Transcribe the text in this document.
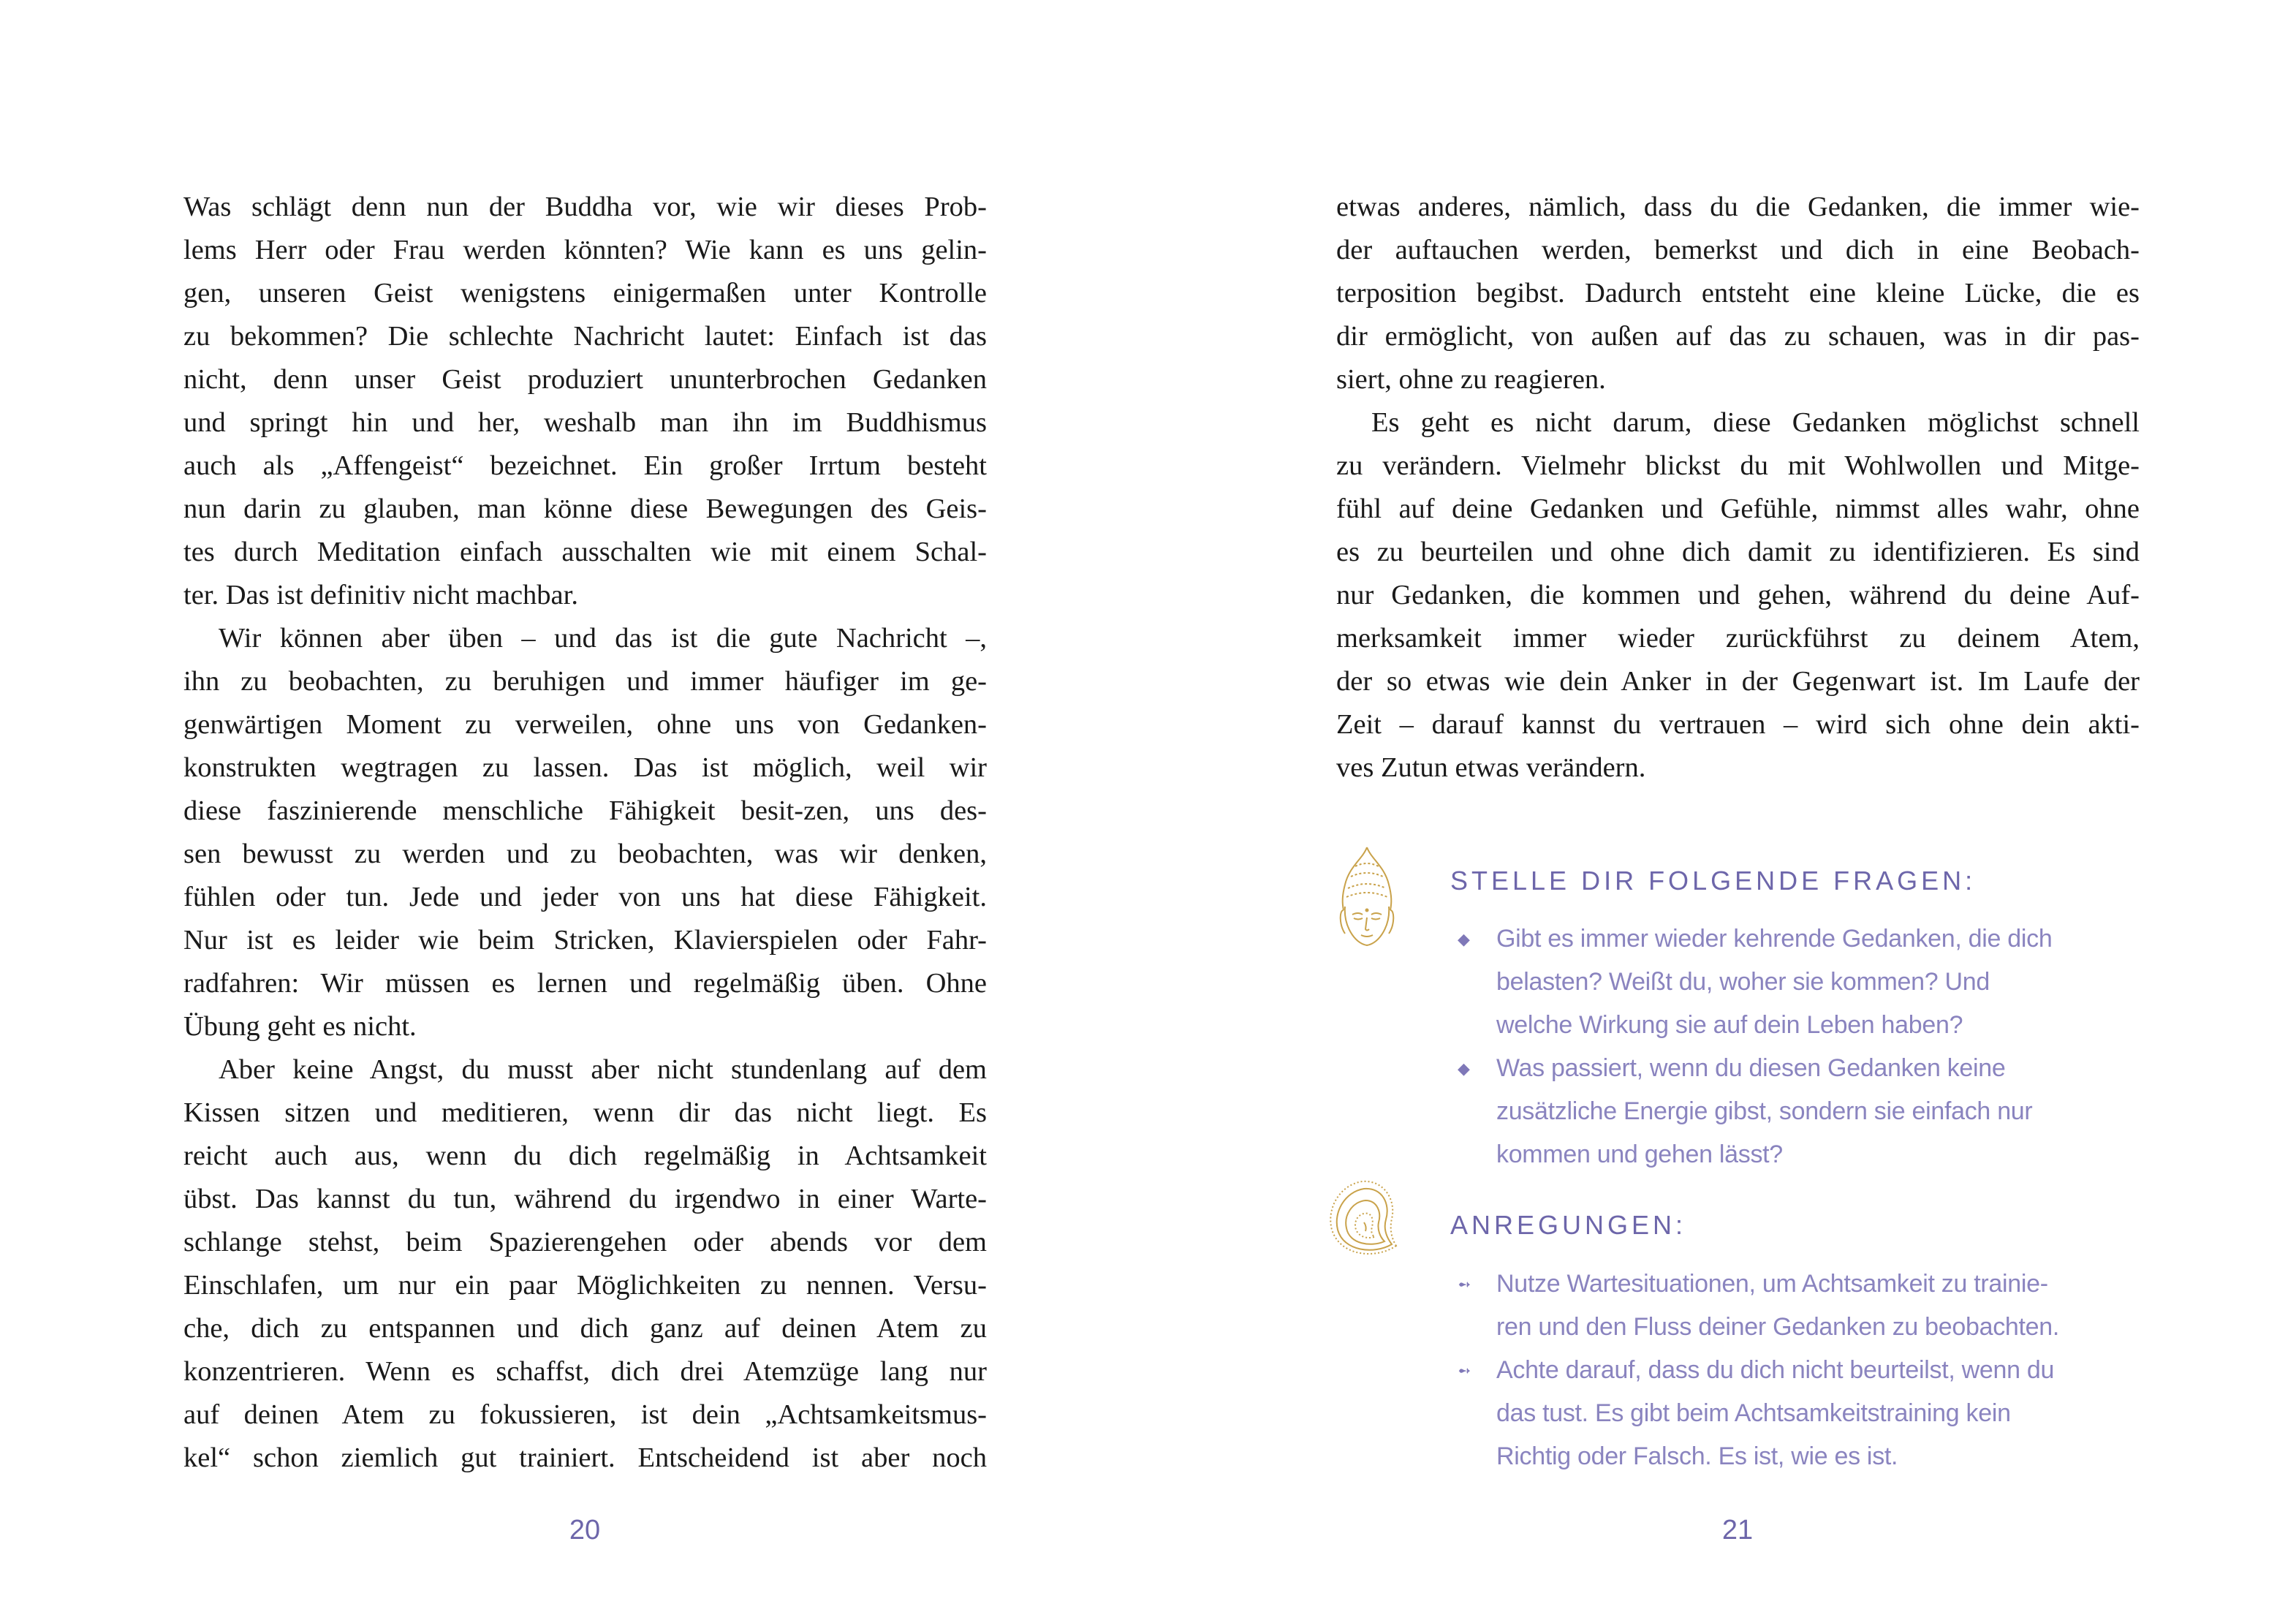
Was schlägt denn nun der Buddha vor, wie wir dieses Prob-
lems Herr oder Frau werden könnten? Wie kann es uns gelin-
gen, unseren Geist wenigstens einigermaßen unter Kontrolle
zu bekommen? Die schlechte Nachricht lautet: Einfach ist das
nicht, denn unser Geist produziert ununterbrochen Gedanken
und springt hin und her, weshalb man ihn im Buddhismus
auch als „Affengeist“ bezeichnet. Ein großer Irrtum besteht
nun darin zu glauben, man könne diese Bewegungen des Geis-
tes durch Meditation einfach ausschalten wie mit einem Schal-
ter. Das ist definitiv nicht machbar.
Wir können aber üben – und das ist die gute Nachricht –,
ihn zu beobachten, zu beruhigen und immer häufiger im ge-
genwärtigen Moment zu verweilen, ohne uns von Gedanken-
konstrukten wegtragen zu lassen. Das ist möglich, weil wir
diese faszinierende menschliche Fähigkeit besit-zen, uns des-
sen bewusst zu werden und zu beobachten, was wir denken,
fühlen oder tun. Jede und jeder von uns hat diese Fähigkeit.
Nur ist es leider wie beim Stricken, Klavierspielen oder Fahr-
radfahren: Wir müssen es lernen und regelmäßig üben. Ohne
Übung geht es nicht.
Aber keine Angst, du musst aber nicht stundenlang auf dem
Kissen sitzen und meditieren, wenn dir das nicht liegt. Es
reicht auch aus, wenn du dich regelmäßig in Achtsamkeit
übst. Das kannst du tun, während du irgendwo in einer Warte-
schlange stehst, beim Spazierengehen oder abends vor dem
Einschlafen, um nur ein paar Möglichkeiten zu nennen. Versu-
che, dich zu entspannen und dich ganz auf deinen Atem zu
konzentrieren. Wenn es schaffst, dich drei Atemzüge lang nur
auf deinen Atem zu fokussieren, ist dein „Achtsamkeitsmus-
kel“ schon ziemlich gut trainiert. Entscheidend ist aber noch
20
etwas anderes, nämlich, dass du die Gedanken, die immer wie-
der auftauchen werden, bemerkst und dich in eine Beobach-
terposition begibst. Dadurch entsteht eine kleine Lücke, die es
dir ermöglicht, von außen auf das zu schauen, was in dir pas-
siert, ohne zu reagieren.
Es geht es nicht darum, diese Gedanken möglichst schnell
zu verändern. Vielmehr blickst du mit Wohlwollen und Mitge-
fühl auf deine Gedanken und Gefühle, nimmst alles wahr, ohne
es zu beurteilen und ohne dich damit zu identifizieren. Es sind
nur Gedanken, die kommen und gehen, während du deine Auf-
merksamkeit immer wieder zurückführst zu deinem Atem,
der so etwas wie dein Anker in der Gegenwart ist. Im Laufe der
Zeit – darauf kannst du vertrauen – wird sich ohne dein akti-
ves Zutun etwas verändern.
STELLE DIR FOLGENDE FRAGEN:
◆ Gibt es immer wieder kehrende Gedanken, die dich
belasten? Weißt du, woher sie kommen? Und
welche Wirkung sie auf dein Leben haben?
◆ Was passiert, wenn du diesen Gedanken keine
zusätzliche Energie gibst, sondern sie einfach nur
kommen und gehen lässt?
ANREGUNGEN:
➻ Nutze Wartesituationen, um Achtsamkeit zu trainie-
ren und den Fluss deiner Gedanken zu beobachten.
➻ Achte darauf, dass du dich nicht beurteilst, wenn du
das tust. Es gibt beim Achtsamkeitstraining kein
Richtig oder Falsch. Es ist, wie es ist.
21
